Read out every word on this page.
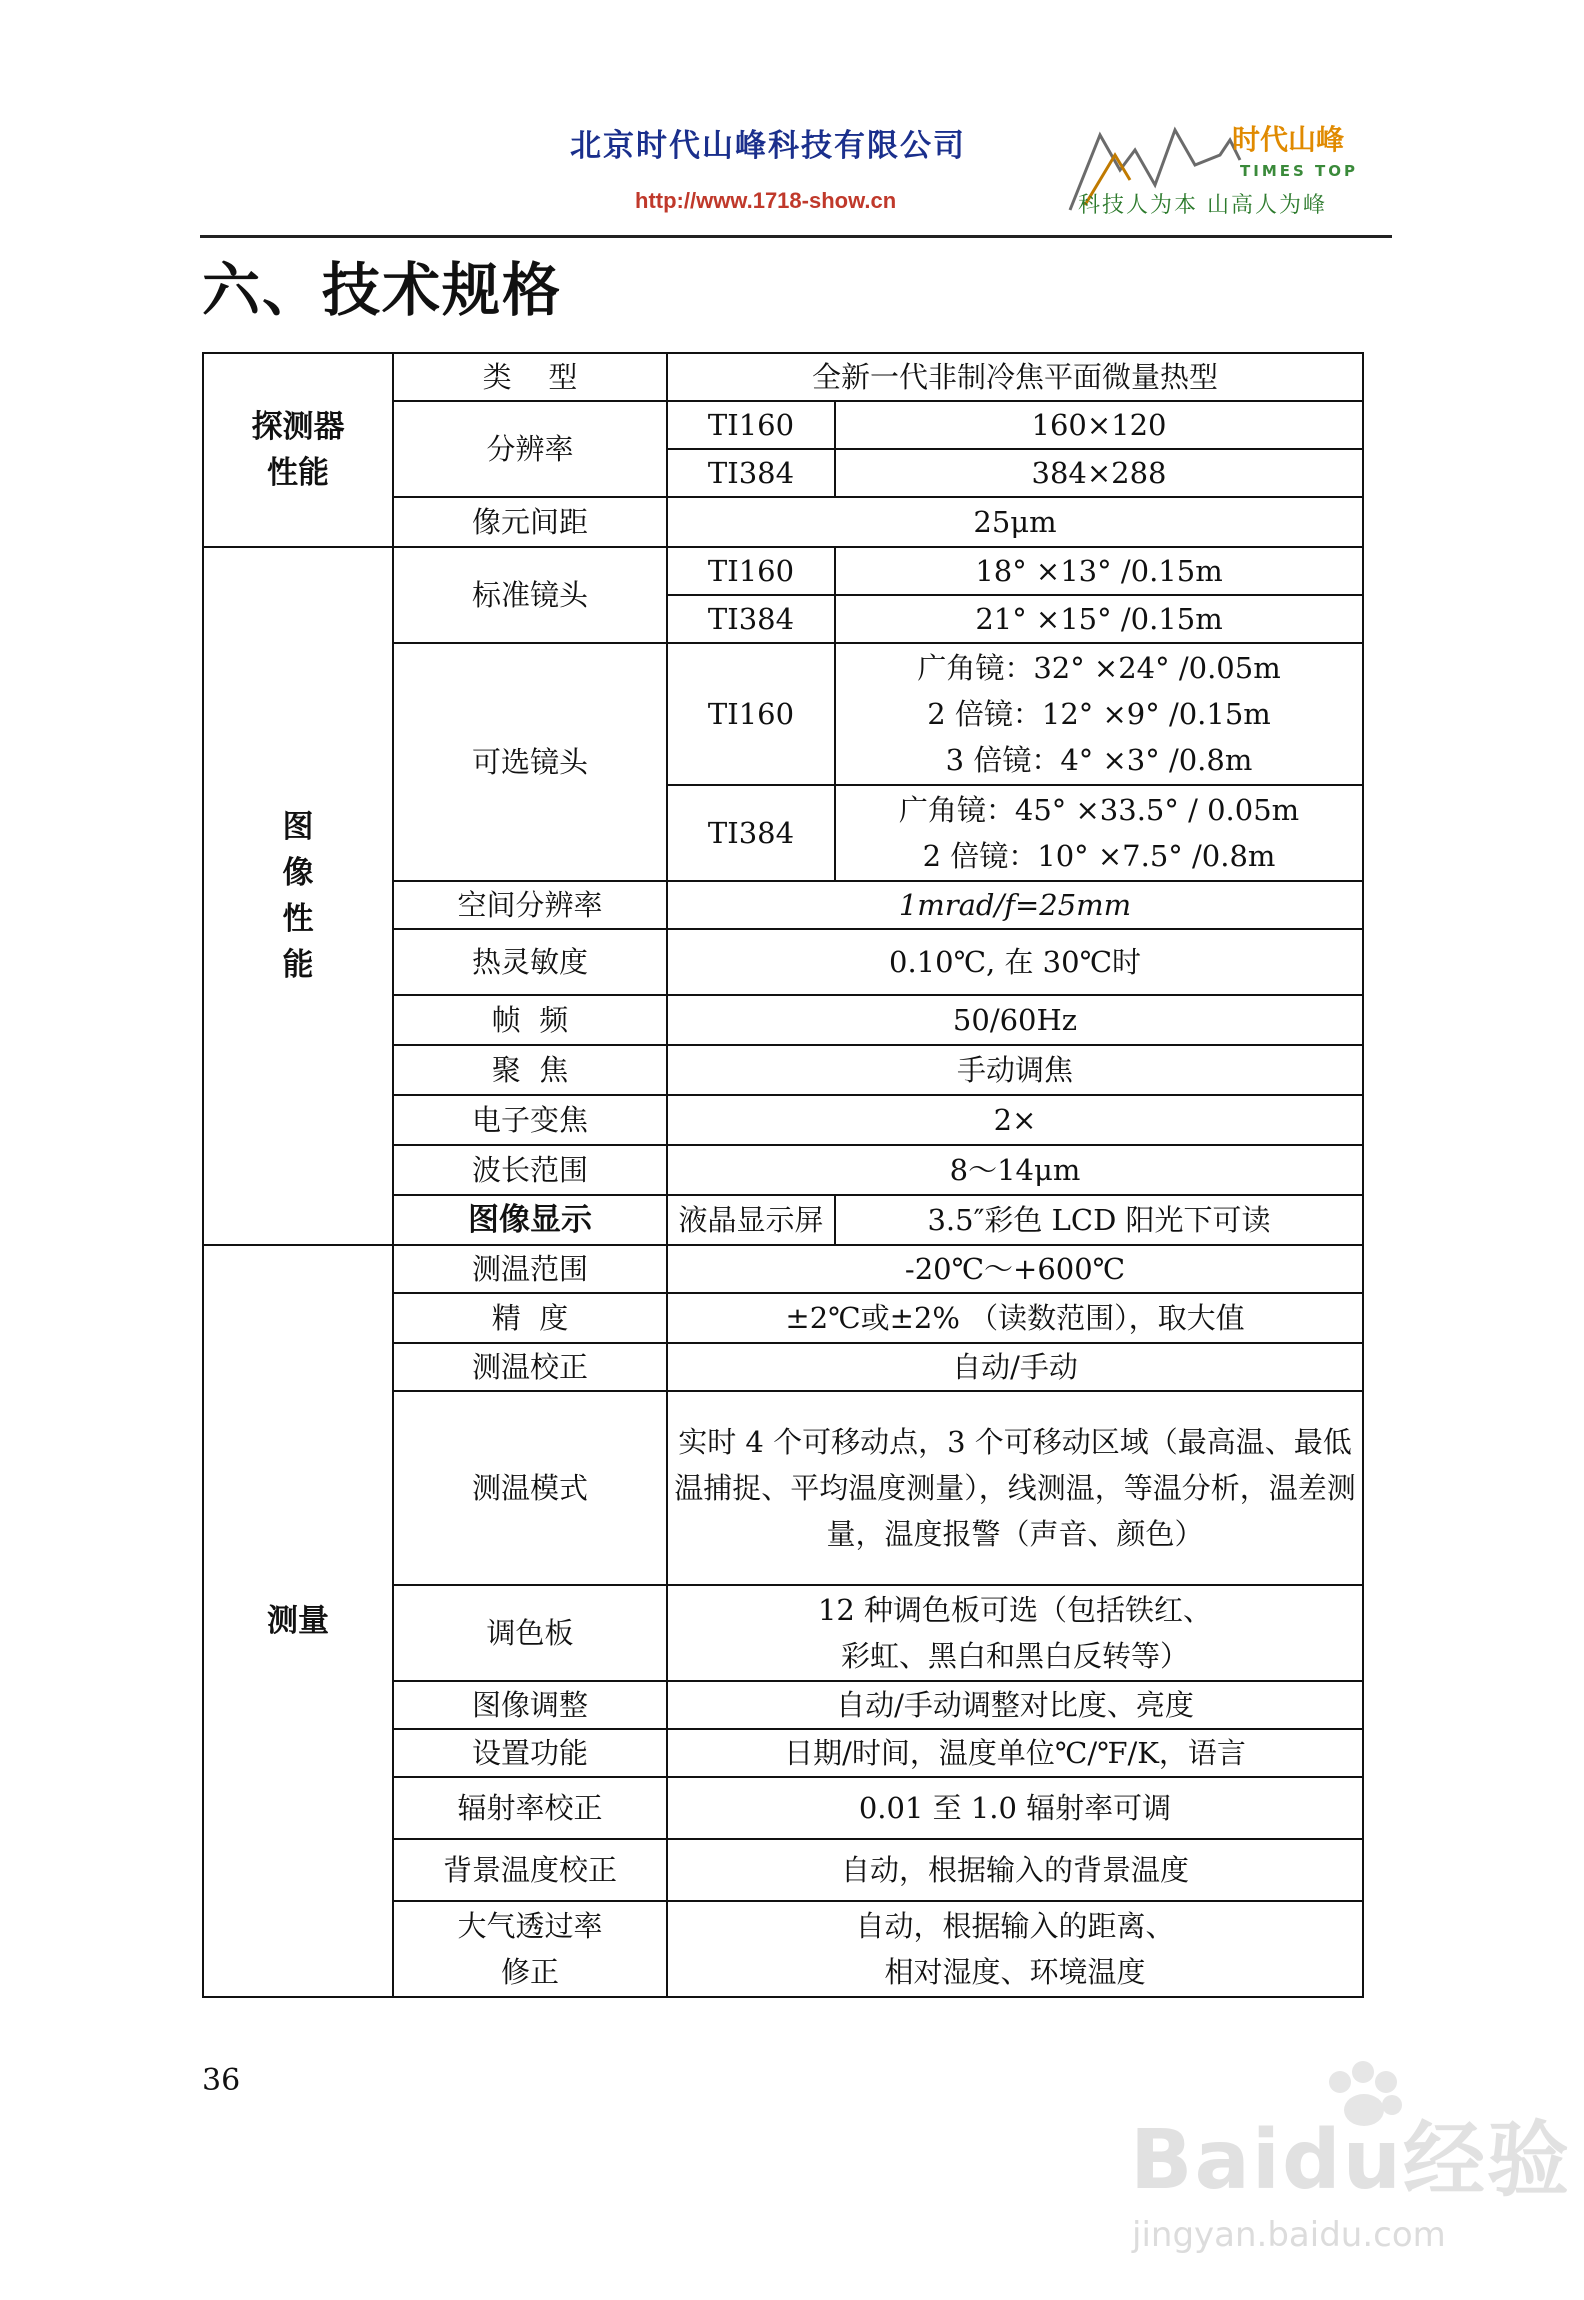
北京时代山峰科技有限公司
http://www.1718-show.cn
时代山峰
TIMES TOP
科技人为本 山高人为峰
六、技术规格
探测器
性能	类    型	全新一代非制冷焦平面微量热型	
	分辨率	TI160	160×120
		TI384	384×288
	像元间距	25μm	
图
像
性
能	标准镜头	TI160	18° ×13° /0.15m
		TI384	21° ×15° /0.15m
	可选镜头	TI160	广角镜：32° ×24° /0.05m
2 倍镜：12° ×9° /0.15m
3 倍镜：4° ×3° /0.8m
		TI384	广角镜：45° ×33.5° / 0.05m
2 倍镜：10° ×7.5° /0.8m
	空间分辨率	1mrad/f=25mm	
	热灵敏度	0.10℃, 在 30℃时	
	帧  频	50/60Hz	
	聚  焦	手动调焦	
	电子变焦	2×	
	波长范围	8～14μm	
	图像显示	液晶显示屏	3.5″彩色 LCD 阳光下可读
测量	测温范围	-20℃～+600℃	
	精  度	±2℃或±2% （读数范围），取大值	
	测温校正	自动/手动	
	测温模式	实时 4 个可移动点，3 个可移动区域（最高温、最低温捕捉、平均温度测量），线测温，等温分析，温差测量，温度报警（声音、颜色）	
	调色板	12 种调色板可选（包括铁红、
彩虹、黑白和黑白反转等）	
	图像调整	自动/手动调整对比度、亮度	
	设置功能	日期/时间，温度单位℃/℉/K，语言	
	辐射率校正	0.01 至 1.0 辐射率可调	
	背景温度校正	自动，根据输入的背景温度	
	大气透过率
修正	自动，根据输入的距离、
相对湿度、环境温度	
36
Baidu经验
jingyan.baidu.com
